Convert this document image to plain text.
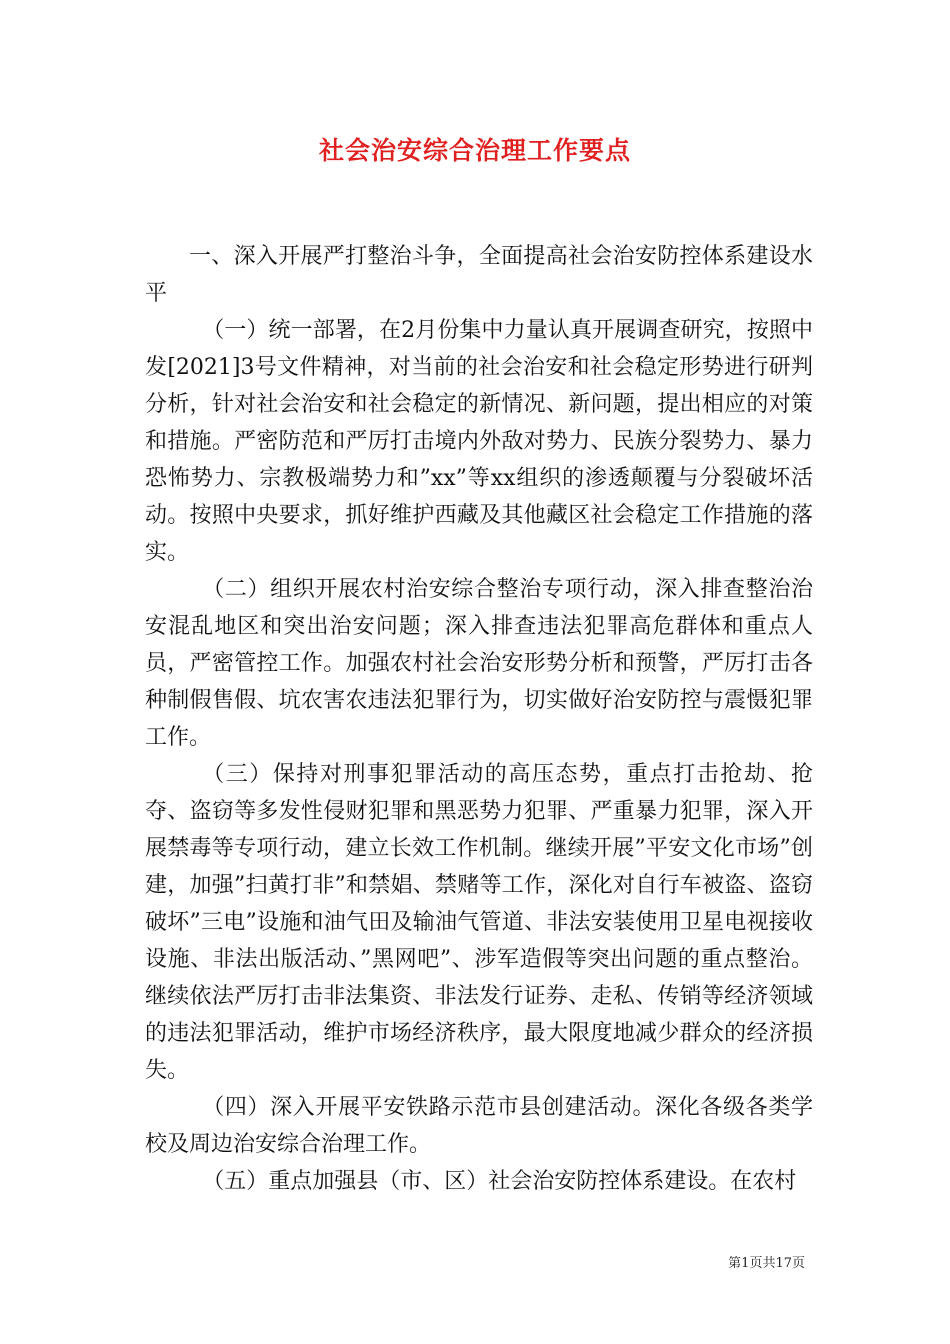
社会治安综合治理工作要点

一、深入开展严打整治斗争，全面提高社会治安防控体系建设水平

（一）统一部署，在2月份集中力量认真开展调查研究，按照中发[2021]3号文件精神，对当前的社会治安和社会稳定形势进行研判分析，针对社会治安和社会稳定的新情况、新问题，提出相应的对策和措施。严密防范和严厉打击境内外敌对势力、民族分裂势力、暴力恐怖势力、宗教极端势力和”xx”等xx组织的渗透颠覆与分裂破坏活动。按照中央要求，抓好维护西藏及其他藏区社会稳定工作措施的落实。

（二）组织开展农村治安综合整治专项行动，深入排查整治治安混乱地区和突出治安问题；深入排查违法犯罪高危群体和重点人员，严密管控工作。加强农村社会治安形势分析和预警，严厉打击各种制假售假、坑农害农违法犯罪行为，切实做好治安防控与震慑犯罪工作。

（三）保持对刑事犯罪活动的高压态势，重点打击抢劫、抢夺、盗窃等多发性侵财犯罪和黑恶势力犯罪、严重暴力犯罪，深入开展禁毒等专项行动，建立长效工作机制。继续开展”平安文化市场”创建，加强”扫黄打非”和禁娼、禁赌等工作，深化对自行车被盗、盗窃破坏”三电”设施和油气田及输油气管道、非法安装使用卫星电视接收设施、非法出版活动、”黑网吧”、涉军造假等突出问题的重点整治。继续依法严厉打击非法集资、非法发行证券、走私、传销等经济领域的违法犯罪活动，维护市场经济秩序，最大限度地减少群众的经济损失。

（四）深入开展平安铁路示范市县创建活动。深化各级各类学校及周边治安综合治理工作。

（五）重点加强县（市、区）社会治安防控体系建设。在农村

第1页共17页
